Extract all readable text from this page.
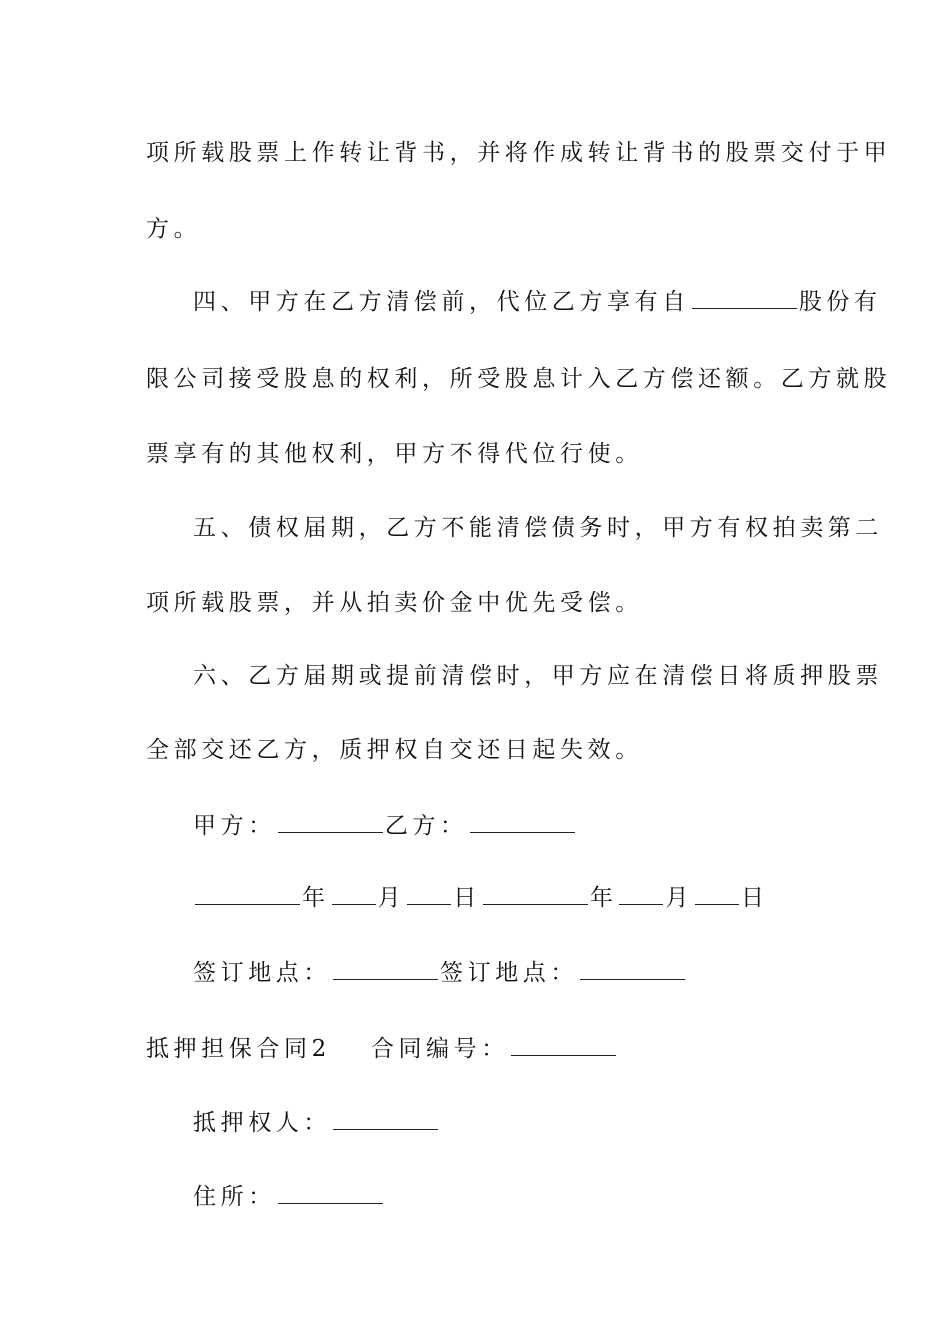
项所载股票上作转让背书，并将作成转让背书的股票交付于甲
方。
四、甲方在乙方清偿前，代位乙方享有自	股份有
限公司接受股息的权利，所受股息计入乙方偿还额。乙方就股
票享有的其他权利，甲方不得代位行使。
五、债权届期，乙方不能清偿债务时，甲方有权拍卖第二
项所载股票，并从拍卖价金中优先受偿。
六、乙方届期或提前清偿时，甲方应在清偿日将质押股票
全部交还乙方，质押权自交还日起失效。
甲方：	乙方：
年 月 日	年 月 日
签订地点：	签订地点：
抵押担保合同2 合同编号：
抵押权人：
住所：
